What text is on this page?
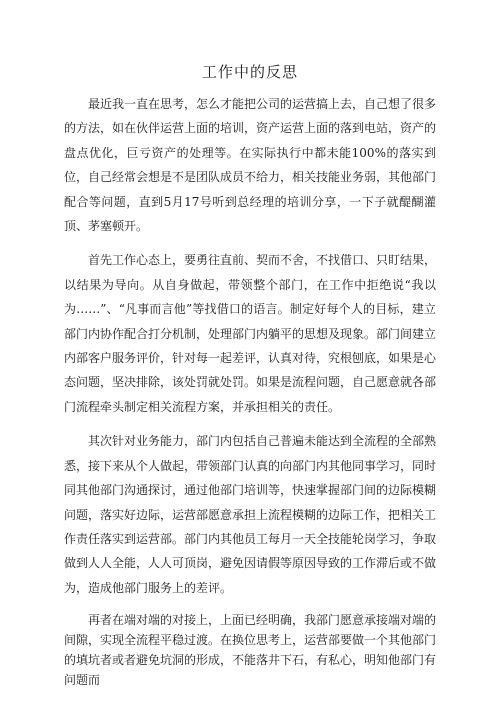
工作中的反思

最近我一直在思考，怎么才能把公司的运营搞上去，自己想了很多的方法，如在伙伴运营上面的培训，资产运营上面的落到电站，资产的盘点优化，巨亏资产的处理等。在实际执行中都未能100%的落实到位，自己经常会想是不是团队成员不给力，相关技能业务弱，其他部门配合等问题，直到5月17号听到总经理的培训分享，一下子就醍醐灌顶、茅塞顿开。

首先工作心态上，要勇往直前、契而不舍，不找借口、只盯结果，以结果为导向。从自身做起，带领整个部门，在工作中拒绝说“我以为……”、“凡事而言他”等找借口的语言。制定好每个人的目标，建立部门内协作配合打分机制，处理部门内躺平的思想及现象。部门间建立内部客户服务评价，针对每一起差评，认真对待，究根刨底，如果是心态问题，坚决排除，该处罚就处罚。如果是流程问题，自己愿意就各部门流程牵头制定相关流程方案，并承担相关的责任。

其次针对业务能力，部门内包括自己普遍未能达到全流程的全部熟悉，接下来从个人做起，带领部门认真的向部门内其他同事学习，同时同其他部门沟通探讨，通过他部门培训等，快速掌握部门间的边际模糊问题，落实好边际，运营部愿意承担上流程模糊的边际工作，把相关工作责任落实到运营部。部门内其他员工每月一天全技能轮岗学习，争取做到人人全能，人人可顶岗，避免因请假等原因导致的工作滞后或不做为，造成他部门服务上的差评。

再者在端对端的对接上，上面已经明确，我部门愿意承接端对端的间隙，实现全流程平稳过渡。在换位思考上，运营部要做一个其他部门的填坑者或者避免坑洞的形成，不能落井下石，有私心，明知他部门有问题而
